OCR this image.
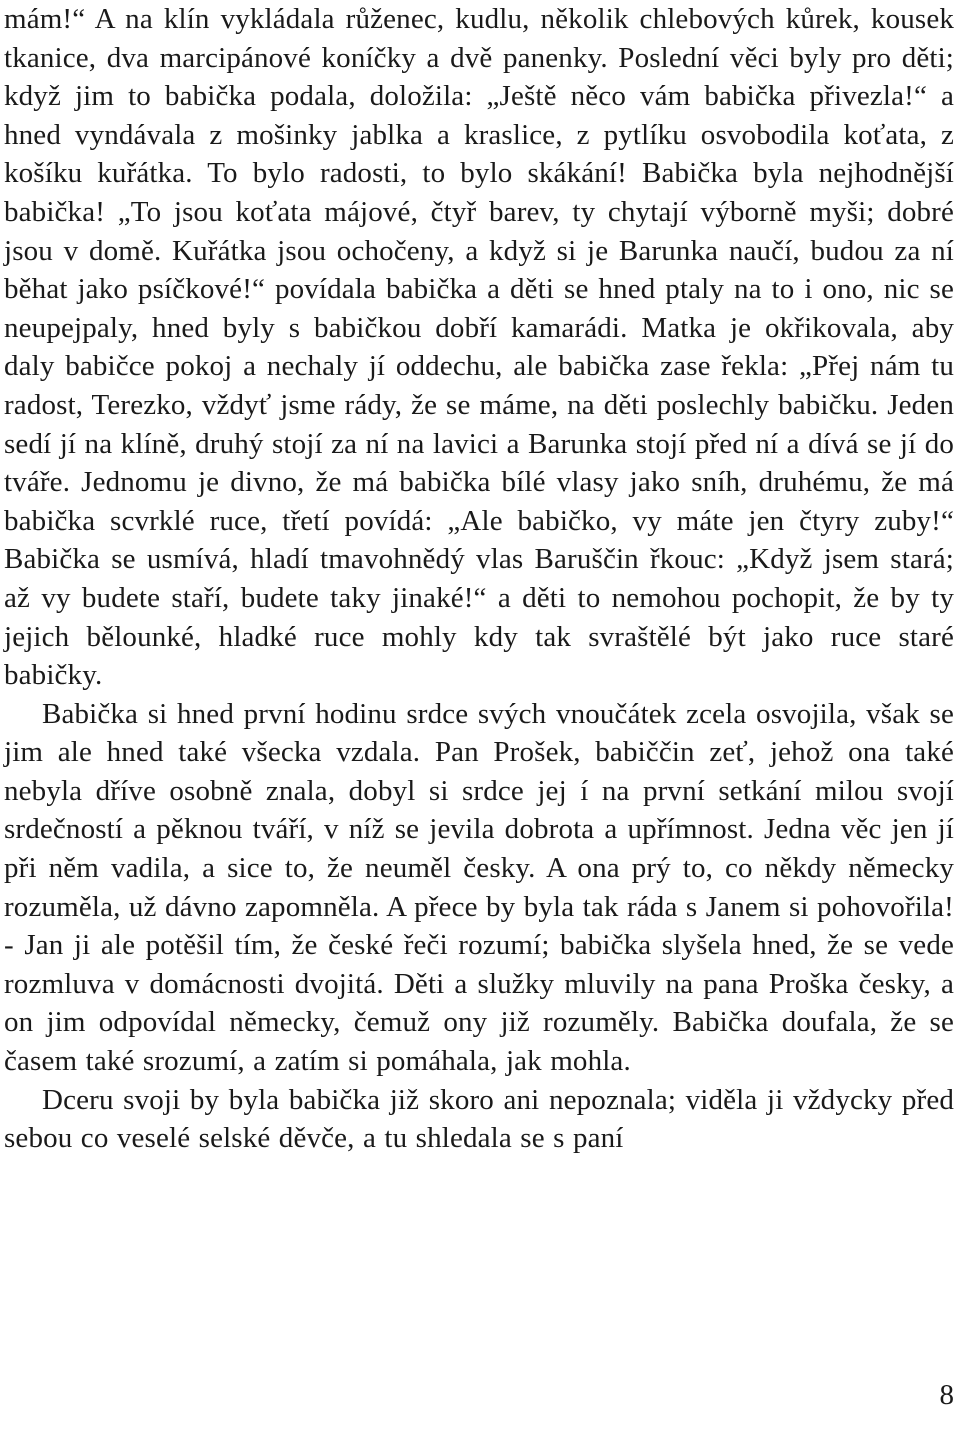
mám!“ A na klín vykládala růženec, kudlu, několik chlebových kůrek, kousek tkanice, dva marcipánové koníčky a dvě panenky. Poslední věci byly pro děti; když jim to babička podala, doložila: „Ještě něco vám babička přivezla!“ a hned vyndávala z mošinky jablka a kraslice, z pytlíku osvobodila koťata, z košíku kuřátka. To bylo radosti, to bylo skákání! Babička byla nejhodnější babička! „To jsou koťata májové, čtyř barev, ty chytají výborně myši; dobré jsou v domě. Kuřátka jsou ochočeny, a když si je Barunka naučí, budou za ní běhat jako psíčkové!“ povídala babička a děti se hned ptaly na to i ono, nic se neupejpaly, hned byly s babičkou dobří kamarádi. Matka je okřikovala, aby daly babičce pokoj a nechaly jí oddechu, ale babička zase řekla: „Přej nám tu radost, Terezko, vždyť jsme rády, že se máme, na děti poslechly babičku. Jeden sedí jí na klíně, druhý stojí za ní na lavici a Barunka stojí před ní a dívá se jí do tváře. Jednomu je divno, že má babička bílé vlasy jako sníh, druhému, že má babička scvrklé ruce, třetí povídá: „Ale babičko, vy máte jen čtyry zuby!“ Babička se usmívá, hladí tmavohnědý vlas Baruščin řkouc: „Když jsem stará; až vy budete staří, budete taky jinaké!“ a děti to nemohou pochopit, že by ty jejich bělounké, hladké ruce mohly kdy tak svraštělé být jako ruce staré babičky.

Babička si hned první hodinu srdce svých vnoučátek zcela osvojila, však se jim ale hned také všecka vzdala. Pan Prošek, babiččin zeť, jehož ona také nebyla dříve osobně znala, dobyl si srdce jej í na první setkání milou svojí srdečností a pěknou tváří, v níž se jevila dobrota a upřímnost. Jedna věc jen jí při něm vadila, a sice to, že neuměl česky. A ona prý to, co někdy německy rozuměla, už dávno zapomněla. A přece by byla tak ráda s Janem si pohovořila! - Jan ji ale potěšil tím, že české řeči rozumí; babička slyšela hned, že se vede rozmluva v domácnosti dvojitá. Děti a služky mluvily na pana Proška česky, a on jim odpovídal německy, čemuž ony již rozuměly. Babička doufala, že se časem také srozumí, a zatím si pomáhala, jak mohla.

Dceru svoji by byla babička již skoro ani nepoznala; viděla ji vždycky před sebou co veselé selské děvče, a tu shledala se s paní

8
